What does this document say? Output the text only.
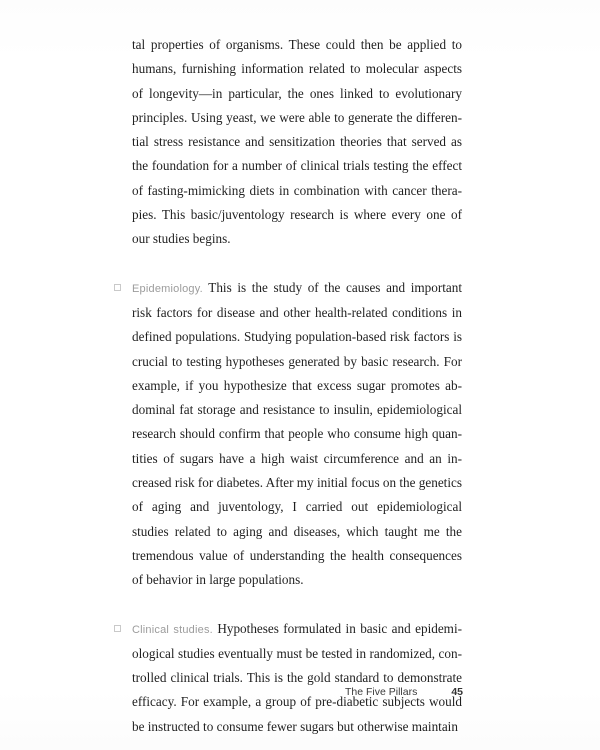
tal properties of organisms. These could then be applied to humans, furnishing information related to molecular aspects of longevity—in particular, the ones linked to evolutionary principles. Using yeast, we were able to generate the differential stress resistance and sensitization theories that served as the foundation for a number of clinical trials testing the effect of fasting-mimicking diets in combination with cancer therapies. This basic/juventology research is where every one of our studies begins.

Epidemiology. This is the study of the causes and important risk factors for disease and other health-related conditions in defined populations. Studying population-based risk factors is crucial to testing hypotheses generated by basic research. For example, if you hypothesize that excess sugar promotes abdominal fat storage and resistance to insulin, epidemiological research should confirm that people who consume high quantities of sugars have a high waist circumference and an increased risk for diabetes. After my initial focus on the genetics of aging and juventology, I carried out epidemiological studies related to aging and diseases, which taught me the tremendous value of understanding the health consequences of behavior in large populations.

Clinical studies. Hypotheses formulated in basic and epidemiological studies eventually must be tested in randomized, controlled clinical trials. This is the gold standard to demonstrate efficacy. For example, a group of pre-diabetic subjects would be instructed to consume fewer sugars but otherwise maintain

The Five Pillars	45
